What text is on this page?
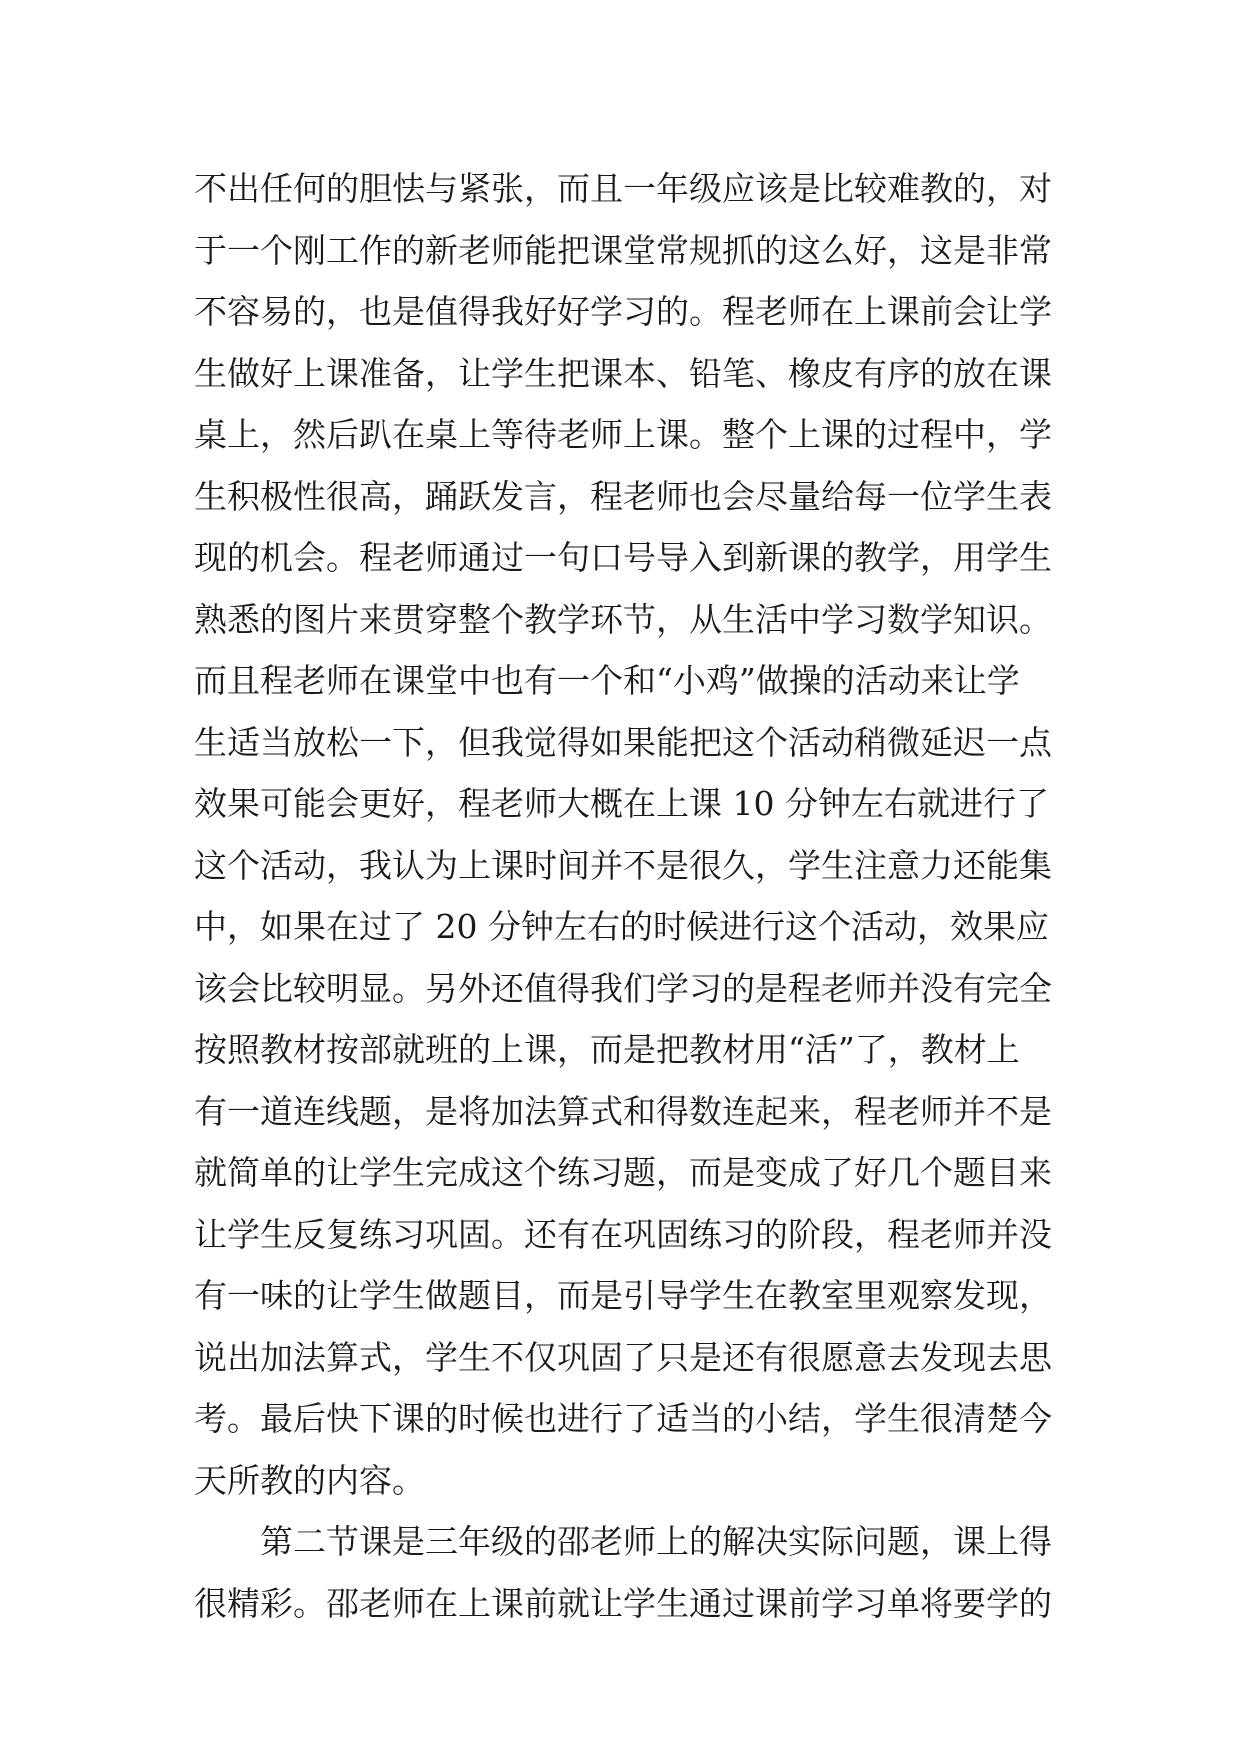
不出任何的胆怯与紧张，而且一年级应该是比较难教的，对
于一个刚工作的新老师能把课堂常规抓的这么好，这是非常
不容易的，也是值得我好好学习的。程老师在上课前会让学
生做好上课准备，让学生把课本、铅笔、橡皮有序的放在课
桌上，然后趴在桌上等待老师上课。整个上课的过程中，学
生积极性很高，踊跃发言，程老师也会尽量给每一位学生表
现的机会。程老师通过一句口号导入到新课的教学，用学生
熟悉的图片来贯穿整个教学环节，从生活中学习数学知识。
而且程老师在课堂中也有一个和“小鸡”做操的活动来让学
生适当放松一下，但我觉得如果能把这个活动稍微延迟一点
效果可能会更好，程老师大概在上课 10 分钟左右就进行了
这个活动，我认为上课时间并不是很久，学生注意力还能集
中，如果在过了 20 分钟左右的时候进行这个活动，效果应
该会比较明显。另外还值得我们学习的是程老师并没有完全
按照教材按部就班的上课，而是把教材用“活”了，教材上
有一道连线题，是将加法算式和得数连起来，程老师并不是
就简单的让学生完成这个练习题，而是变成了好几个题目来
让学生反复练习巩固。还有在巩固练习的阶段，程老师并没
有一味的让学生做题目，而是引导学生在教室里观察发现，
说出加法算式，学生不仅巩固了只是还有很愿意去发现去思
考。最后快下课的时候也进行了适当的小结，学生很清楚今
天所教的内容。
第二节课是三年级的邵老师上的解决实际问题，课上得
很精彩。邵老师在上课前就让学生通过课前学习单将要学的
